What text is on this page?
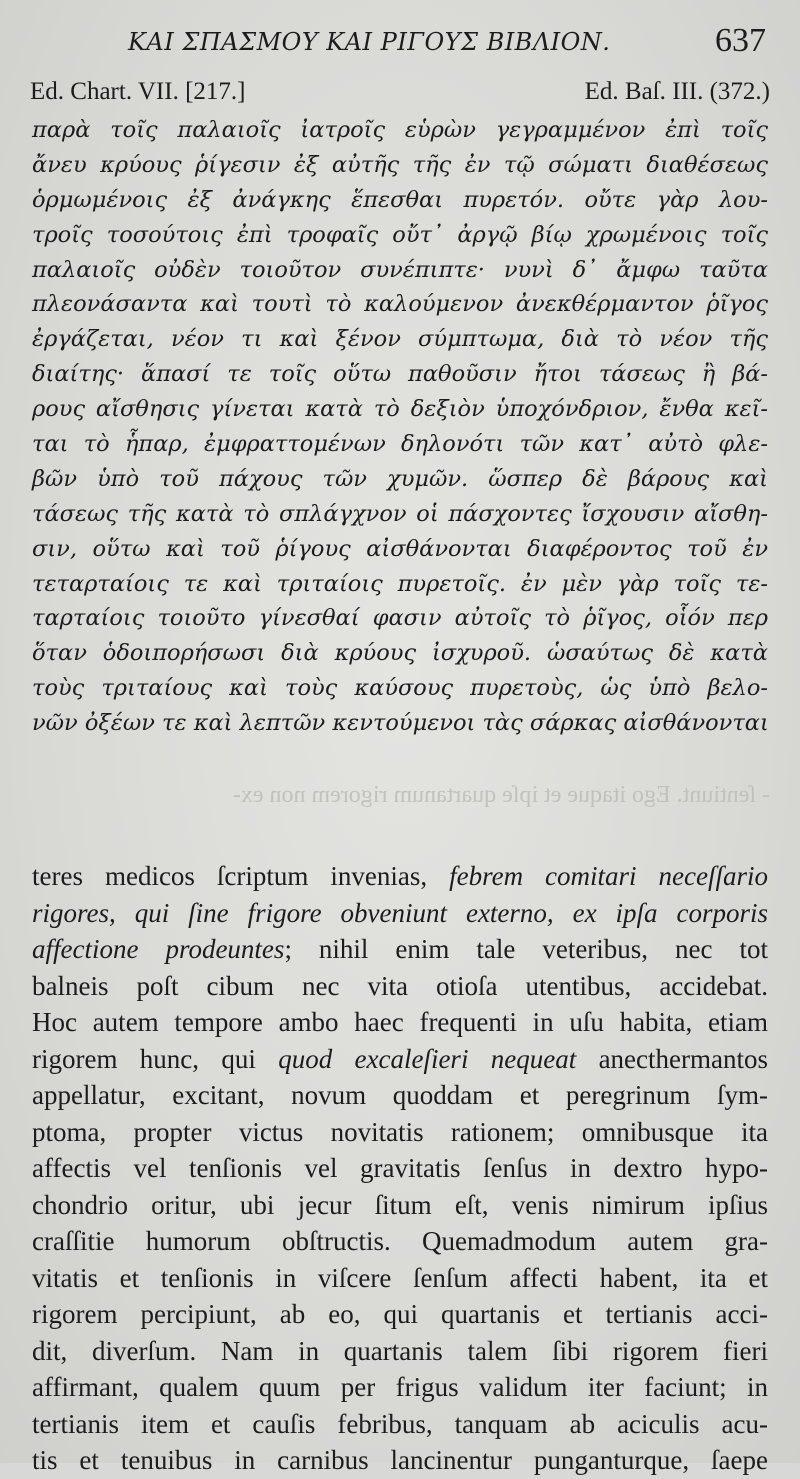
ΚΑΙ ΣΠΑΣΜΟΥ ΚΑΙ ΡΙΓΟΥΣ ΒΙΒΛΙΟΝ.	637
Ed. Chart. VII. [217.]	Ed. Baſ. III. (372.)
παρὰ τοῖς παλαιοῖς ἰατροῖς εὑρὼν γεγραμμένον ἐπὶ τοῖς
ἄνευ κρύους ῥίγεσιν ἐξ αὐτῆς τῆς ἐν τῷ σώματι διαθέσεως
ὁρμωμένοις ἐξ ἀνάγκης ἕπεσθαι πυρετόν. οὔτε γὰρ λου-
τροῖς τοσούτοις ἐπὶ τροφαῖς οὔτ᾽ ἀργῷ βίῳ χρωμένοις τοῖς
παλαιοῖς οὐδὲν τοιοῦτον συνέπιπτε· νυνὶ δ᾽ ἄμφω ταῦτα
πλεονάσαντα καὶ τουτὶ τὸ καλούμενον ἀνεκθέρμαντον ῥῖγος
ἐργάζεται, νέον τι καὶ ξένον σύμπτωμα, διὰ τὸ νέον τῆς
διαίτης· ἅπασί τε τοῖς οὕτω παθοῦσιν ἤτοι τάσεως ἢ βά-
ρους αἴσθησις γίνεται κατὰ τὸ δεξιὸν ὑποχόνδριον, ἔνθα κεῖ-
ται τὸ ἧπαρ, ἐμφραττομένων δηλονότι τῶν κατ᾽ αὐτὸ φλε-
βῶν ὑπὸ τοῦ πάχους τῶν χυμῶν. ὥσπερ δὲ βάρους καὶ
τάσεως τῆς κατὰ τὸ σπλάγχνον οἱ πάσχοντες ἴσχουσιν αἴσθη-
σιν, οὕτω καὶ τοῦ ῥίγους αἰσθάνονται διαφέροντος τοῦ ἐν
τεταρταίοις τε καὶ τριταίοις πυρετοῖς. ἐν μὲν γὰρ τοῖς τε-
ταρταίοις τοιοῦτο γίνεσθαί φασιν αὐτοῖς τὸ ῥῖγος, οἷόν περ
ὅταν ὁδοιπορήσωσι διὰ κρύους ἰσχυροῦ. ὡσαύτως δὲ κατὰ
τοὺς τριταίους καὶ τοὺς καύσους πυρετοὺς, ὡς ὑπὸ βελο-
νῶν ὀξέων τε καὶ λεπτῶν κεντούμενοι τὰς σάρκας αἰσθάνονται
- ſentiunt. Ego itaque et ipſe quartanum rigorem non ex-
teres medicos ſcriptum invenias, febrem comitari neceſſario
rigores, qui ſine frigore obveniunt externo, ex ipſa corporis
affectione prodeuntes; nihil enim tale veteribus, nec tot
balneis poſt cibum nec vita otioſa utentibus, accidebat.
Hoc autem tempore ambo haec frequenti in uſu habita, etiam
rigorem hunc, qui quod excaleſieri nequeat anecthermantos
appellatur, excitant, novum quoddam et peregrinum ſym-
ptoma, propter victus novitatis rationem; omnibusque ita
affectis vel tenſionis vel gravitatis ſenſus in dextro hypo-
chondrio oritur, ubi jecur ſitum eſt, venis nimirum ipſius
craſſitie humorum obſtructis. Quemadmodum autem gra-
vitatis et tenſionis in viſcere ſenſum affecti habent, ita et
rigorem percipiunt, ab eo, qui quartanis et tertianis acci-
dit, diverſum. Nam in quartanis talem ſibi rigorem fieri
affirmant, qualem quum per frigus validum iter faciunt; in
tertianis item et cauſis febribus, tanquam ab aciculis acu-
tis et tenuibus in carnibus lancinentur punganturque, ſaepe
